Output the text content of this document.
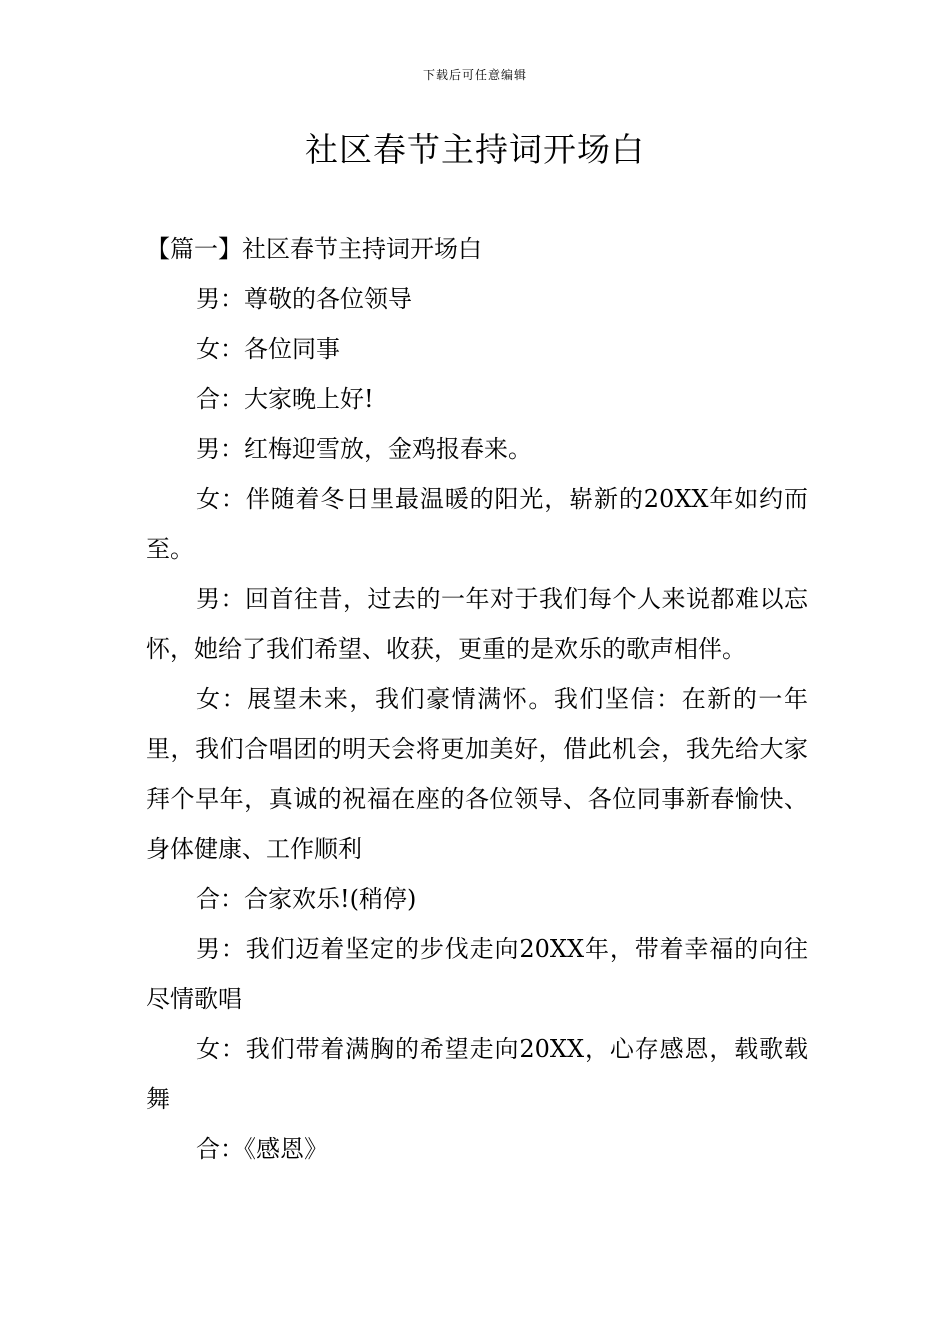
下载后可任意编辑
社区春节主持词开场白

【篇一】社区春节主持词开场白

男：尊敬的各位领导

女：各位同事

合：大家晚上好!

男：红梅迎雪放，金鸡报春来。

女：伴随着冬日里最温暖的阳光，崭新的20XX年如约而至。

男：回首往昔，过去的一年对于我们每个人来说都难以忘怀，她给了我们希望、收获，更重的是欢乐的歌声相伴。

女：展望未来，我们豪情满怀。我们坚信：在新的一年里，我们合唱团的明天会将更加美好，借此机会，我先给大家拜个早年，真诚的祝福在座的各位领导、各位同事新春愉快、身体健康、工作顺利

合：合家欢乐!(稍停)

男：我们迈着坚定的步伐走向20XX年，带着幸福的向往尽情歌唱

女：我们带着满胸的希望走向20XX，心存感恩，载歌载舞

合：《感恩》
